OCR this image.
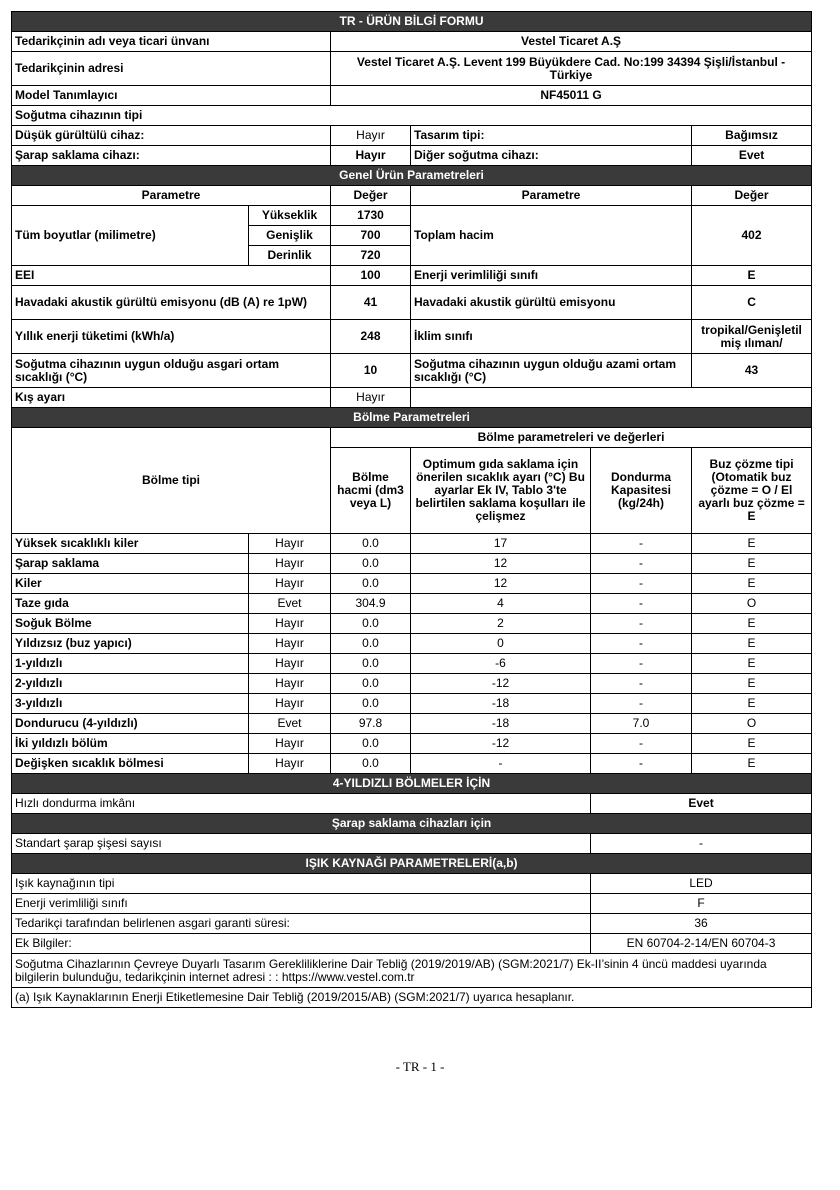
TR - ÜRÜN BİLGİ FORMU					
Tedarikçinin adı veya ticari ünvanı		Vestel Ticaret A.Ş			
Tedarikçinin adresi		Vestel Ticaret A.Ş. Levent 199 Büyükdere Cad. No:199 34394 Şişli/İstanbul - Türkiye			
Model Tanımlayıcı		NF45011 G			
Soğutma cihazının tipi					
Düşük gürültülü cihaz:		Hayır	Tasarım tipi:		Bağımsız
Şarap saklama cihazı:		Hayır	Diğer soğutma cihazı:		Evet
Genel Ürün Parametreleri					
Parametre		Değer	Parametre		Değer
Tüm boyutlar (milimetre)	Yükseklik	1730	Toplam hacim		402
	Genişlik	700			
	Derinlik	720			
EEI		100	Enerji verimliliği sınıfı		E
Havadaki akustik gürültü emisyonu (dB (A) re 1pW)		41	Havadaki akustik gürültü emisyonu		C
Yıllık enerji tüketimi (kWh/a)		248	İklim sınıfı		tropikal/Genişletil miş ılıman/
Soğutma cihazının uygun olduğu asgari ortam sıcaklığı (°C)		10	Soğutma cihazının uygun olduğu azami ortam sıcaklığı (°C)		43
Kış ayarı		Hayır			
Bölme Parametreleri					
Bölme tipi		Bölme parametreleri ve değerleri			
		Bölme hacmi (dm3 veya L)	Optimum gıda saklama için önerilen sıcaklık ayarı (°C) Bu ayarlar Ek IV, Tablo 3'te belirtilen saklama koşulları ile çelişmez	Dondurma Kapasitesi (kg/24h)	Buz çözme tipi (Otomatik buz çözme = O / El ayarlı buz çözme = E
Yüksek sıcaklıklı kiler	Hayır	0.0	17	-	E
Şarap saklama	Hayır	0.0	12	-	E
Kiler	Hayır	0.0	12	-	E
Taze gıda	Evet	304.9	4	-	O
Soğuk Bölme	Hayır	0.0	2	-	E
Yıldızsız (buz yapıcı)	Hayır	0.0	0	-	E
1-yıldızlı	Hayır	0.0	-6	-	E
2-yıldızlı	Hayır	0.0	-12	-	E
3-yıldızlı	Hayır	0.0	-18	-	E
Dondurucu (4-yıldızlı)	Evet	97.8	-18	7.0	O
İki yıldızlı bölüm	Hayır	0.0	-12	-	E
Değişken sıcaklık bölmesi	Hayır	0.0	-	-	E
4-YILDIZLI BÖLMELER İÇİN					
Hızlı dondurma imkânı				Evet	
Şarap saklama cihazları için					
Standart şarap şişesi sayısı				-	
IŞIK KAYNAĞI PARAMETRELERİ(a,b)					
Işık kaynağının tipi				LED	
Enerji verimliliği sınıfı				F	
Tedarikçi tarafından belirlenen asgari garanti süresi:				36	
Ek Bilgiler:				EN 60704-2-14/EN 60704-3	
Soğutma Cihazlarının Çevreye Duyarlı Tasarım Gerekliliklerine Dair Tebliğ (2019/2019/AB) (SGM:2021/7) Ek-II’sinin 4 üncü maddesi uyarında bilgilerin bulunduğu, tedarikçinin internet adresi : : https://www.vestel.com.tr					
(a) Işık Kaynaklarının Enerji Etiketlemesine Dair Tebliğ (2019/2015/AB) (SGM:2021/7) uyarıca hesaplanır.					
- TR - 1 -
